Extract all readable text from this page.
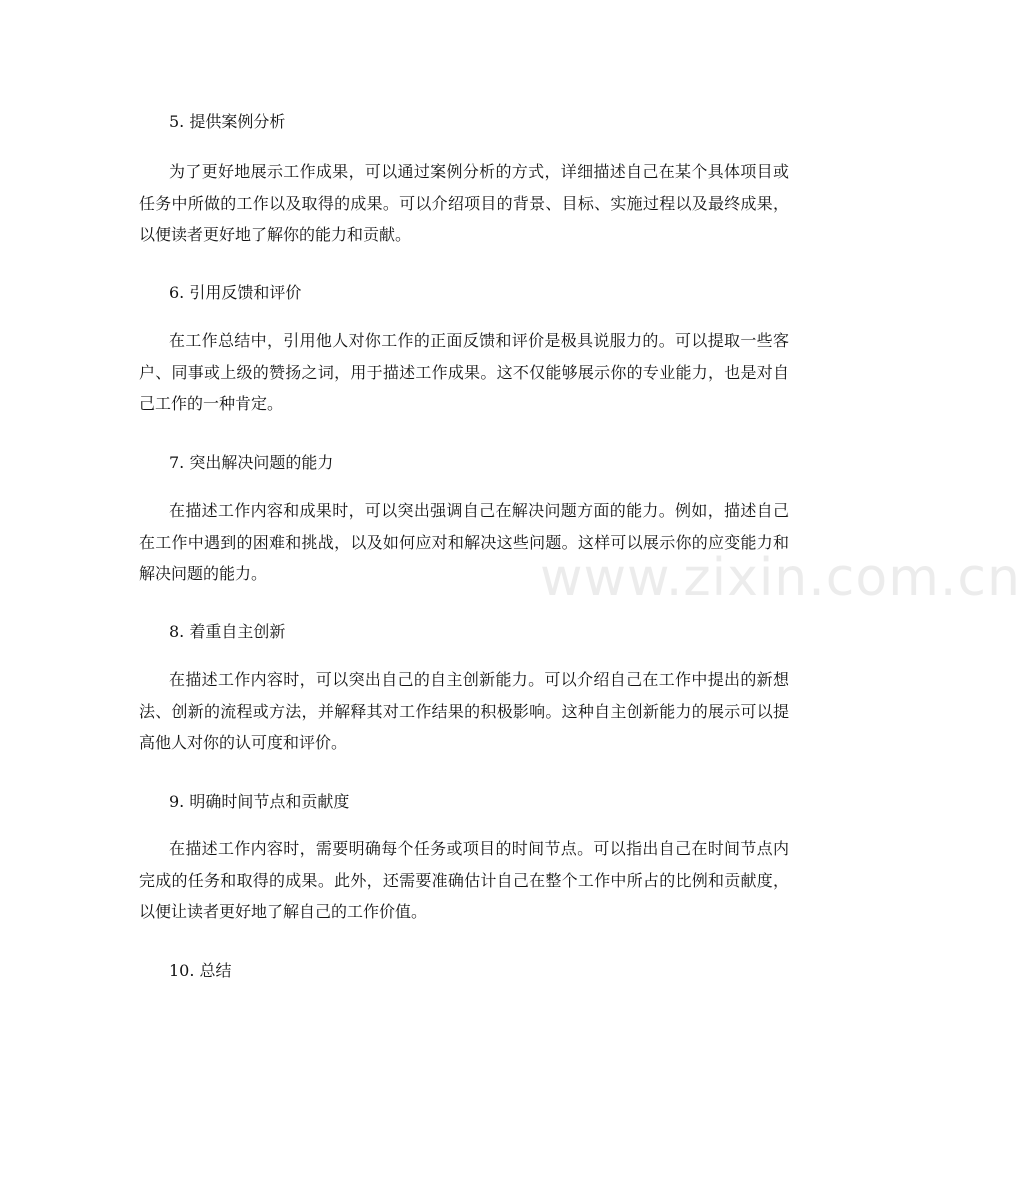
5. 提供案例分析
为了更好地展示工作成果，可以通过案例分析的方式，详细描述自己在某个具体项目或任务中所做的工作以及取得的成果。可以介绍项目的背景、目标、实施过程以及最终成果，以便读者更好地了解你的能力和贡献。
6. 引用反馈和评价
在工作总结中，引用他人对你工作的正面反馈和评价是极具说服力的。可以提取一些客户、同事或上级的赞扬之词，用于描述工作成果。这不仅能够展示你的专业能力，也是对自己工作的一种肯定。
7. 突出解决问题的能力
在描述工作内容和成果时，可以突出强调自己在解决问题方面的能力。例如，描述自己在工作中遇到的困难和挑战，以及如何应对和解决这些问题。这样可以展示你的应变能力和解决问题的能力。
8. 着重自主创新
在描述工作内容时，可以突出自己的自主创新能力。可以介绍自己在工作中提出的新想法、创新的流程或方法，并解释其对工作结果的积极影响。这种自主创新能力的展示可以提高他人对你的认可度和评价。
9. 明确时间节点和贡献度
在描述工作内容时，需要明确每个任务或项目的时间节点。可以指出自己在时间节点内完成的任务和取得的成果。此外，还需要准确估计自己在整个工作中所占的比例和贡献度，以便让读者更好地了解自己的工作价值。
10. 总结
www.zixin.com.cn
